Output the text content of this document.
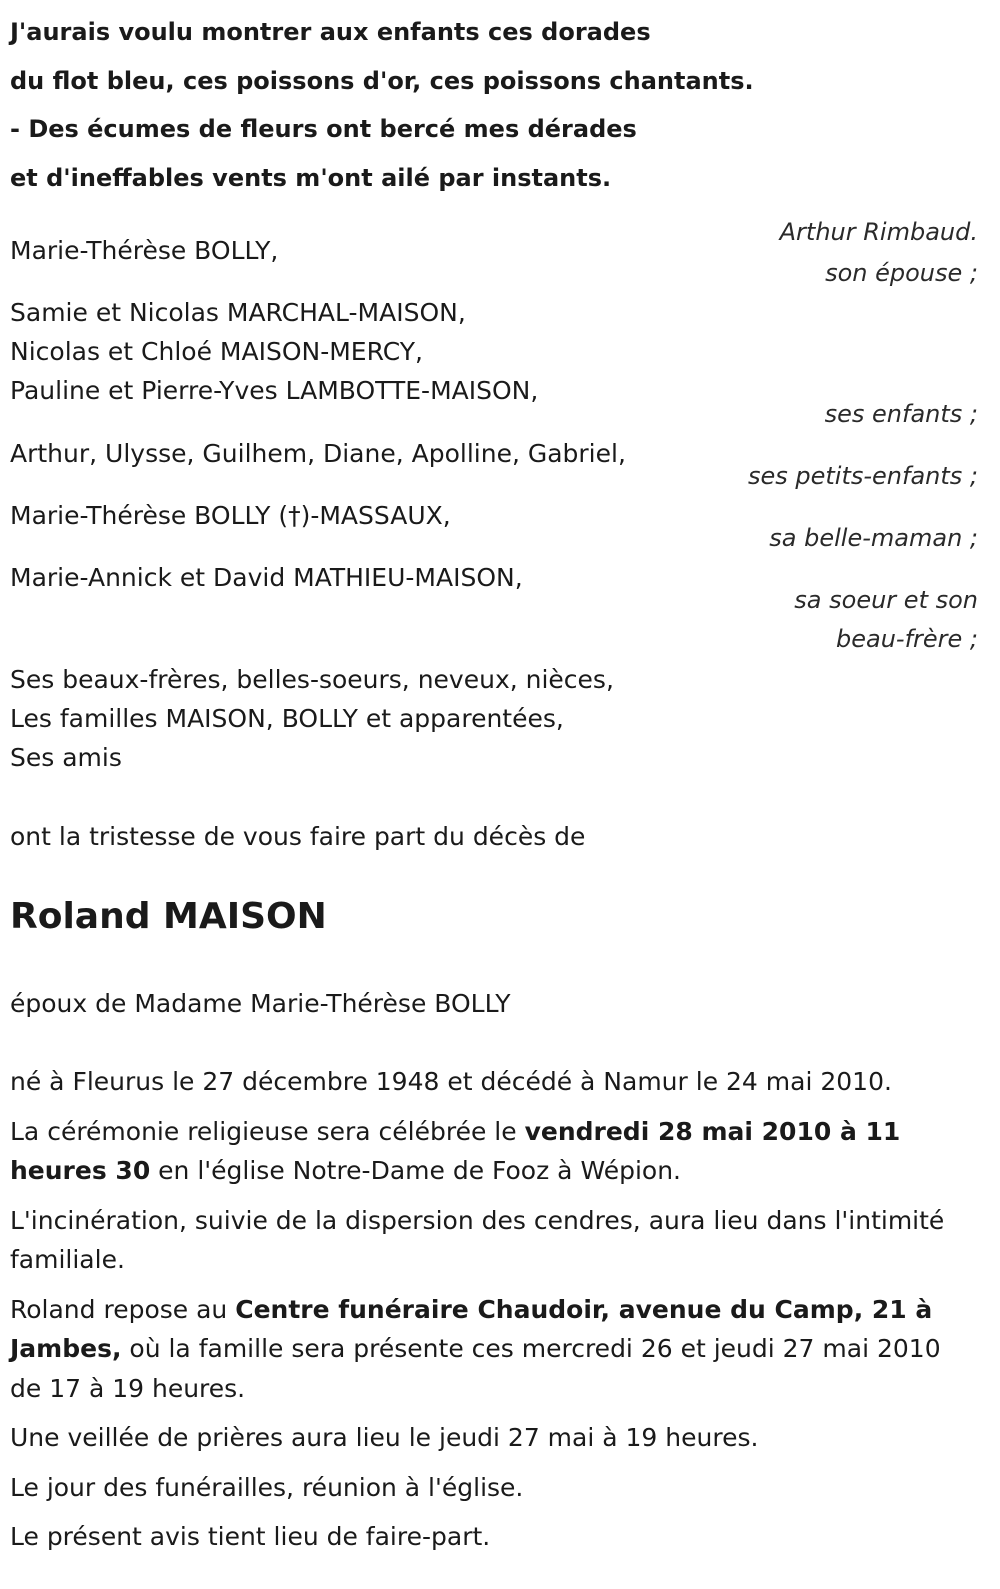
J'aurais voulu montrer aux enfants ces dorades
du flot bleu, ces poissons d'or, ces poissons chantants.
- Des écumes de fleurs ont bercé mes dérades
et d'ineffables vents m'ont ailé par instants.
Arthur Rimbaud.
Marie-Thérèse BOLLY,
son épouse ;
Samie et Nicolas MARCHAL-MAISON,
Nicolas et Chloé MAISON-MERCY,
Pauline et Pierre-Yves LAMBOTTE-MAISON,
ses enfants ;
Arthur, Ulysse, Guilhem, Diane, Apolline, Gabriel,
ses petits-enfants ;
Marie-Thérèse BOLLY (†)-MASSAUX,
sa belle-maman ;
Marie-Annick et David MATHIEU-MAISON,
sa soeur et son
beau-frère ;
Ses beaux-frères, belles-soeurs, neveux, nièces,
Les familles MAISON, BOLLY et apparentées,
Ses amis
ont la tristesse de vous faire part du décès de
Roland MAISON
époux de Madame Marie-Thérèse BOLLY

né à Fleurus le 27 décembre 1948 et décédé à Namur le 24 mai 2010.

La cérémonie religieuse sera célébrée le vendredi 28 mai 2010 à 11 heures 30 en l'église Notre-Dame de Fooz à Wépion.

L'incinération, suivie de la dispersion des cendres, aura lieu dans l'intimité familiale.

Roland repose au Centre funéraire Chaudoir, avenue du Camp, 21 à Jambes, où la famille sera présente ces mercredi 26 et jeudi 27 mai 2010 de 17 à 19 heures.

Une veillée de prières aura lieu le jeudi 27 mai à 19 heures.

Le jour des funérailles, réunion à l'église.

Le présent avis tient lieu de faire-part.
